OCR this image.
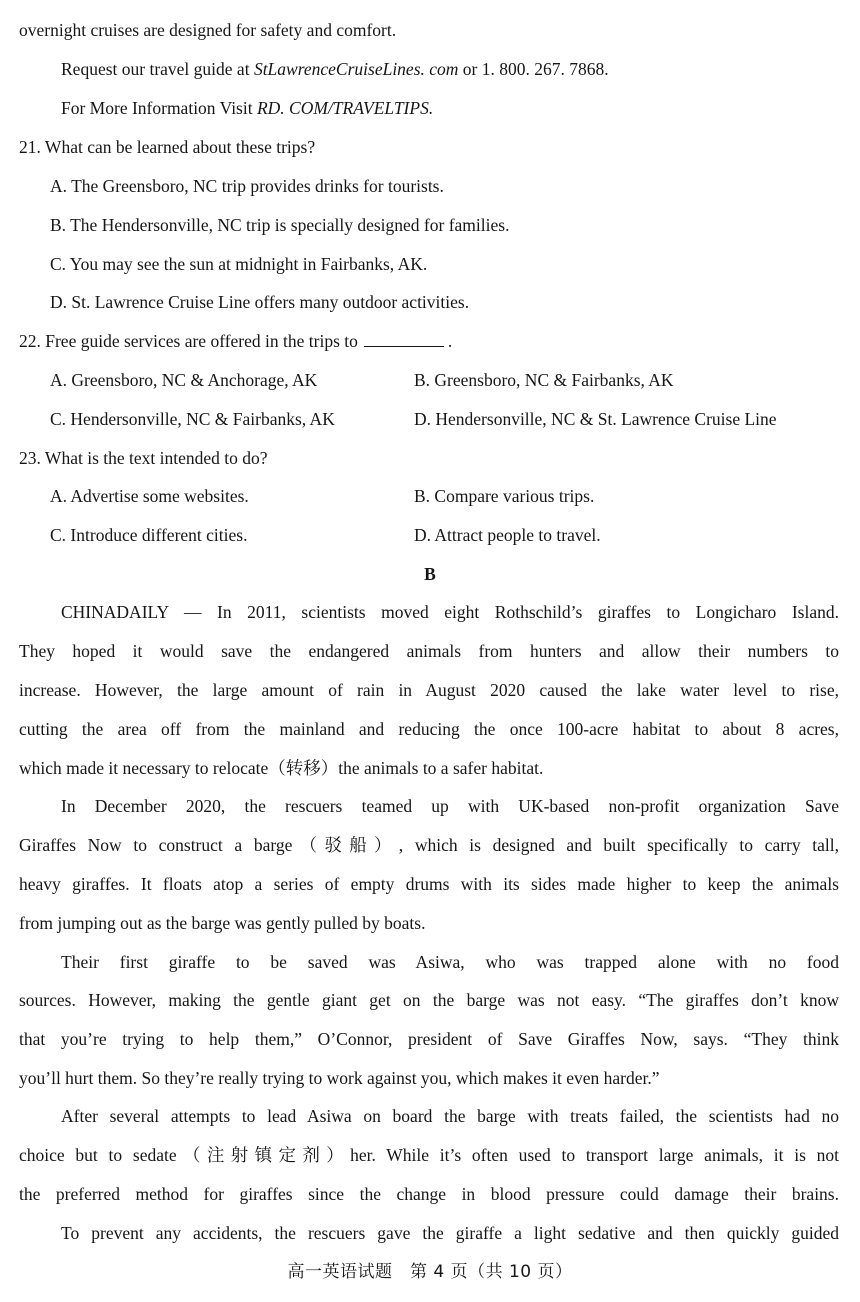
overnight cruises are designed for safety and comfort.
Request our travel guide at StLawrenceCruiseLines. com or 1. 800. 267. 7868.
For More Information Visit RD. COM/TRAVELTIPS.
21. What can be learned about these trips?
A. The Greensboro, NC trip provides drinks for tourists.
B. The Hendersonville, NC trip is specially designed for families.
C. You may see the sun at midnight in Fairbanks, AK.
D. St. Lawrence Cruise Line offers many outdoor activities.
22. Free guide services are offered in the trips to	.
A. Greensboro, NC & Anchorage, AK	B. Greensboro, NC & Fairbanks, AK
C. Hendersonville, NC & Fairbanks, AK	D. Hendersonville, NC & St. Lawrence Cruise Line
23. What is the text intended to do?
A. Advertise some websites.	B. Compare various trips.
C. Introduce different cities.	D. Attract people to travel.
B
CHINADAILY — In 2011, scientists moved eight Rothschild’s giraffes to Longicharo Island.
They hoped it would save the endangered animals from hunters and allow their numbers to
increase. However, the large amount of rain in August 2020 caused the lake water level to rise,
cutting the area off from the mainland and reducing the once 100-acre habitat to about 8 acres,
which made it necessary to relocate（转移）the animals to a safer habitat.
In December 2020, the rescuers teamed up with UK-based non-profit organization Save
Giraffes Now to construct a barge（驳船）, which is designed and built specifically to carry tall,
heavy giraffes. It floats atop a series of empty drums with its sides made higher to keep the animals
from jumping out as the barge was gently pulled by boats.
Their first giraffe to be saved was Asiwa, who was trapped alone with no food
sources. However, making the gentle giant get on the barge was not easy. “The giraffes don’t know
that you’re trying to help them,” O’Connor, president of Save Giraffes Now, says. “They think
you’ll hurt them. So they’re really trying to work against you, which makes it even harder.”
After several attempts to lead Asiwa on board the barge with treats failed, the scientists had no
choice but to sedate（注射镇定剂）her. While it’s often used to transport large animals, it is not
the preferred method for giraffes since the change in blood pressure could damage their brains.
To prevent any accidents, the rescuers gave the giraffe a light sedative and then quickly guided
高一英语试题　第 4 页（共 10 页）
